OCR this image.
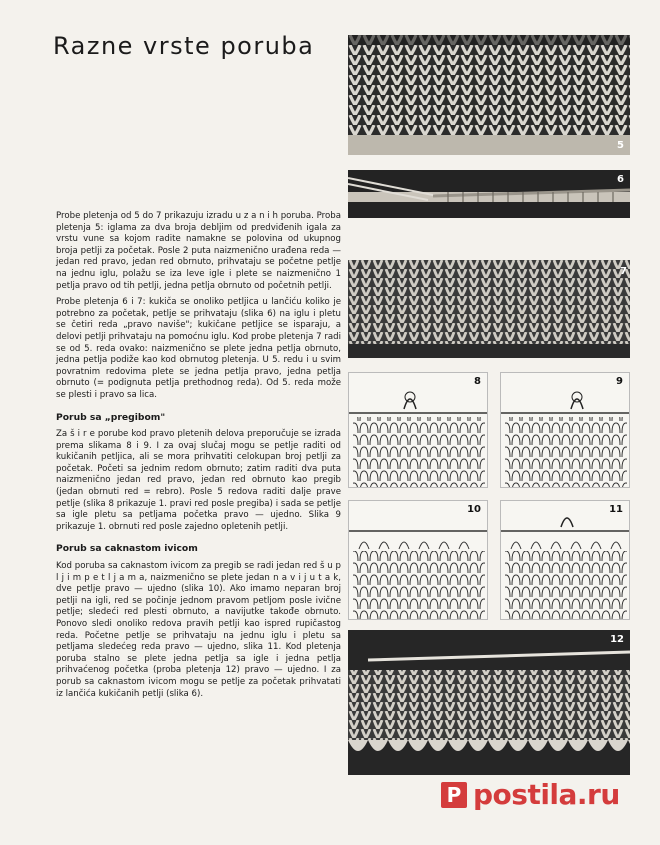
Razne vrste poruba

Probe pletenja od 5 do 7 prikazuju izradu u z a n i h poruba. Proba pletenja 5: iglama za dva broja debljim od predviđenih igala za vrstu vune sa kojom radite namakne se polovina od ukupnog broja petlji za početak. Posle 2 puta naizmenično urađena reda — jedan red pravo, jedan red obrnuto, prihvataju se početne petlje na jednu iglu, polažu se iza leve igle i plete se naizmenično 1 petlja pravo od tih petlji, jedna petlja obrnuto od početnih petlji.

Probe pletenja 6 i 7: kukiča se onoliko petljica u lančiću koliko je potrebno za početak, petlje se prihvataju (slika 6) na iglu i pletu se četiri reda „pravo naviše"; kukičane petljice se isparaju, a delovi petlji prihvataju na pomoćnu iglu. Kod probe pletenja 7 radi se od 5. reda ovako: naizmenično se plete jedna petlja obrnuto, jedna petlja podiže kao kod obrnutog pletenja. U 5. redu i u svim povratnim redovima plete se jedna petlja pravo, jedna petlja obrnuto (= podignuta petlja prethodnog reda). Od 5. reda može se plesti i pravo sa lica.

Porub sa „pregibom"

Za š i r e porube kod pravo pletenih delova preporučuje se izrada prema slikama 8 i 9. I za ovaj slučaj mogu se petlje raditi od kukičanih petljica, ali se mora prihvatiti celokupan broj petlji za početak. Početi sa jednim redom obrnuto; zatim raditi dva puta naizmenično jedan red pravo, jedan red obrnuto kao pregib (jedan obrnuti red = rebro). Posle 5 redova raditi dalje prave petlje (slika 8 prikazuje 1. pravi red posle pregiba) i sada se petlje sa igle pletu sa petljama početka pravo — ujedno. Slika 9 prikazuje 1. obrnuti red posle zajedno opletenih petlji.

Porub sa caknastom ivicom

Kod poruba sa caknastom ivicom za pregib se radi jedan red š u p l j i m p e t l j a m a, naizmenično se plete jedan n a v i j u t a k, dve petlje pravo — ujedno (slika 10). Ako imamo neparan broj petlji na igli, red se počinje jednom pravom petljom posle ivične petlje; sledeći red plesti obrnuto, a navijutke takođe obrnuto. Ponovo sledi onoliko redova pravih petlji kao ispred rupičastog reda. Početne petlje se prihvataju na jednu iglu i pletu sa petljama sledećeg reda pravo — ujedno, slika 11. Kod pletenja poruba stalno se plete jedna petlja sa igle i jedna petlja prihvaćenog početka (proba pletenja 12) pravo — ujedno. I za porub sa caknastom ivicom mogu se petlje za početak prihvatati iz lančića kukičanih petlji (slika 6).

5
6
7
8	9
10	11
12
P postila.ru
